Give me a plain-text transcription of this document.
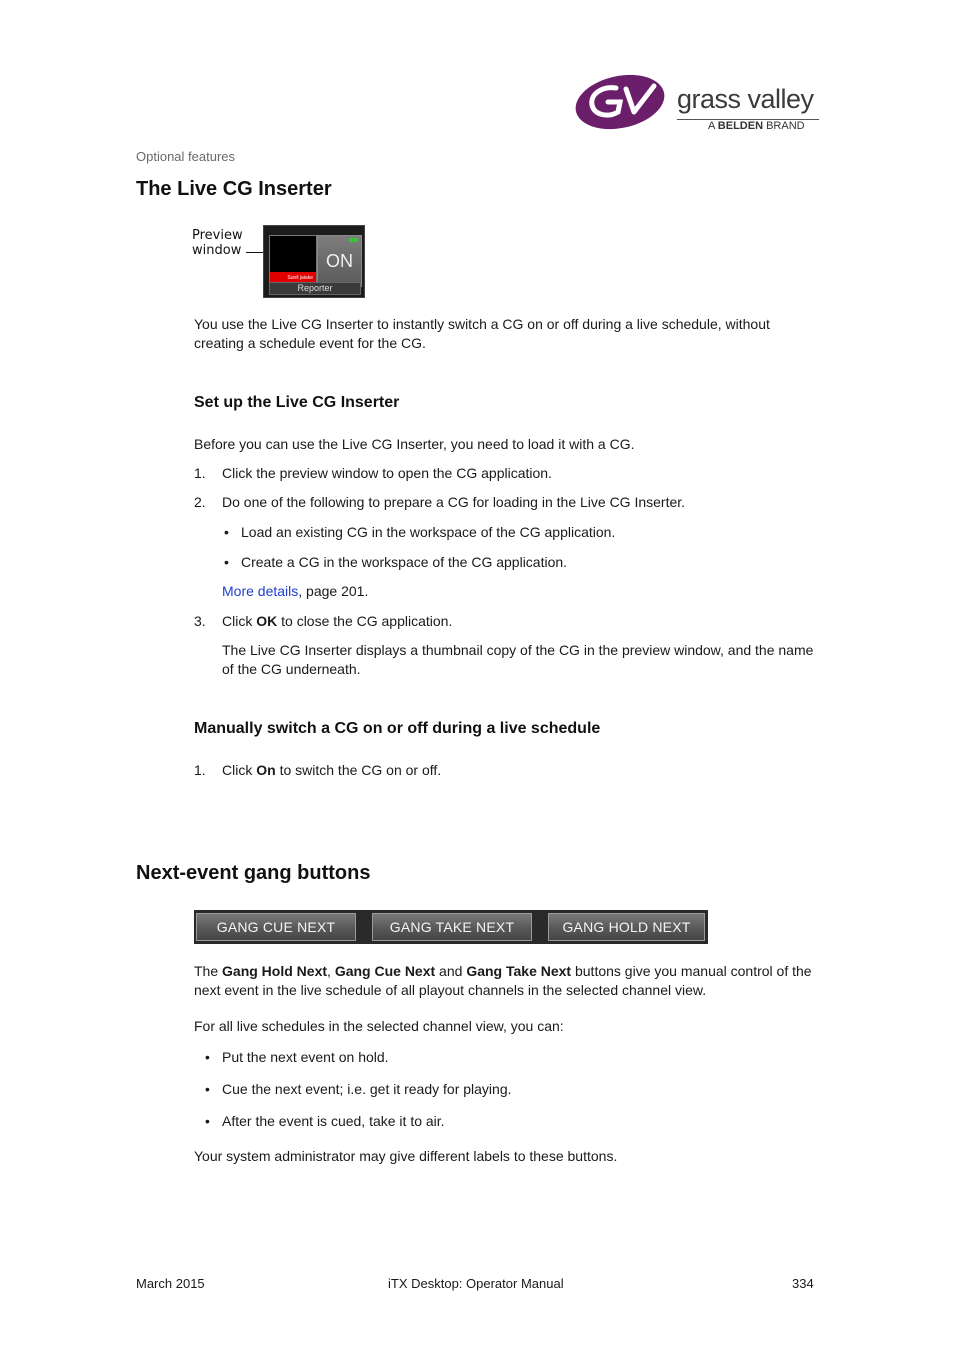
grass valley
A BELDEN BRAND
Optional features
The Live CG Inserter
Preview
window
Sunil jaiake
ON
Reporter

You use the Live CG Inserter to instantly switch a CG on or off during a live schedule, without creating a schedule event for the CG.

Set up the Live CG Inserter

Before you can use the Live CG Inserter, you need to load it with a CG.

1. Click the preview window to open the CG application.

2. Do one of the following to prepare a CG for loading in the Live CG Inserter.

• Load an existing CG in the workspace of the CG application.
• Create a CG in the workspace of the CG application.

More details, page 201.

3. Click OK to close the CG application.

The Live CG Inserter displays a thumbnail copy of the CG in the preview window, and the name of the CG underneath.

Manually switch a CG on or off during a live schedule
1. Click On to switch the CG on or off.

Next-event gang buttons
GANG CUE NEXT	GANG TAKE NEXT	GANG HOLD NEXT

The Gang Hold Next, Gang Cue Next and Gang Take Next buttons give you manual control of the next event in the live schedule of all playout channels in the selected channel view.

For all live schedules in the selected channel view, you can:

• Put the next event on hold.
• Cue the next event; i.e. get it ready for playing.
• After the event is cued, take it to air.

Your system administrator may give different labels to these buttons.

March 2015	iTX Desktop: Operator Manual	334
